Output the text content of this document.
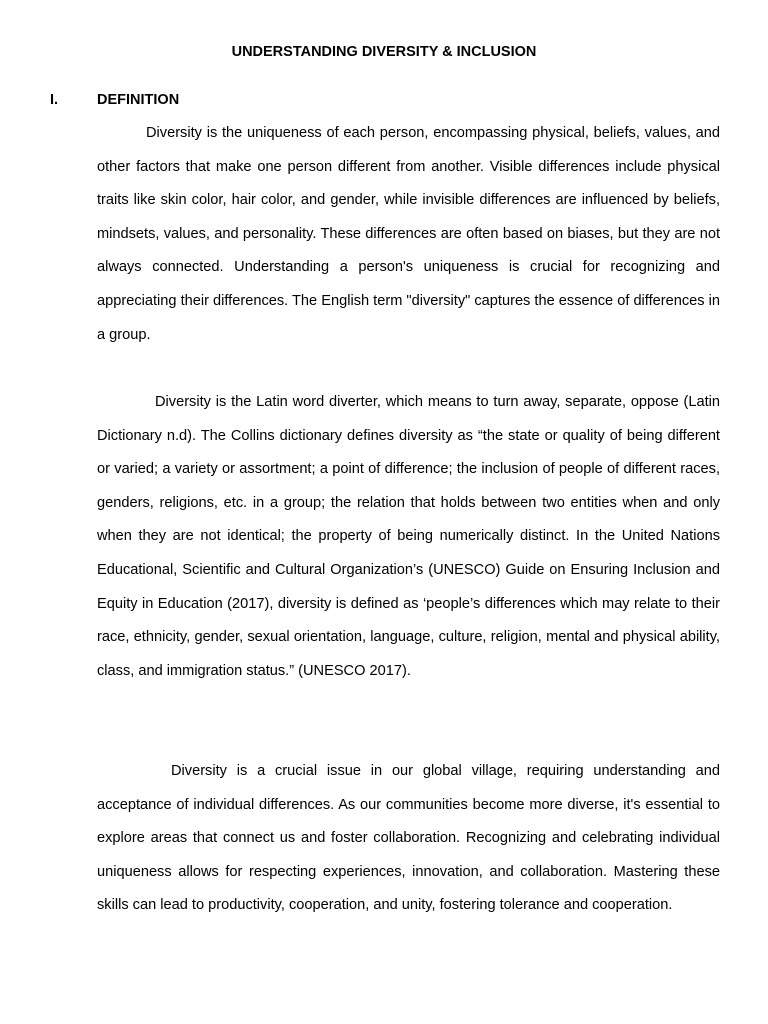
UNDERSTANDING DIVERSITY & INCLUSION
I.	DEFINITION

Diversity is the uniqueness of each person, encompassing physical, beliefs, values, and other factors that make one person different from another. Visible differences include physical traits like skin color, hair color, and gender, while invisible differences are influenced by beliefs, mindsets, values, and personality. These differences are often based on biases, but they are not always connected. Understanding a person's uniqueness is crucial for recognizing and appreciating their differences. The English term "diversity" captures the essence of differences in a group.

Diversity is the Latin word diverter, which means to turn away, separate, oppose (Latin Dictionary n.d). The Collins dictionary defines diversity as “the state or quality of being different or varied; a variety or assortment; a point of difference; the inclusion of people of different races, genders, religions, etc. in a group; the relation that holds between two entities when and only when they are not identical; the property of being numerically distinct. In the United Nations Educational, Scientific and Cultural Organization’s (UNESCO) Guide on Ensuring Inclusion and Equity in Education (2017), diversity is defined as ‘people’s differences which may relate to their race, ethnicity, gender, sexual orientation, language, culture, religion, mental and physical ability, class, and immigration status.” (UNESCO 2017).

Diversity is a crucial issue in our global village, requiring understanding and acceptance of individual differences. As our communities become more diverse, it's essential to explore areas that connect us and foster collaboration. Recognizing and celebrating individual uniqueness allows for respecting experiences, innovation, and collaboration. Mastering these skills can lead to productivity, cooperation, and unity, fostering tolerance and cooperation.
